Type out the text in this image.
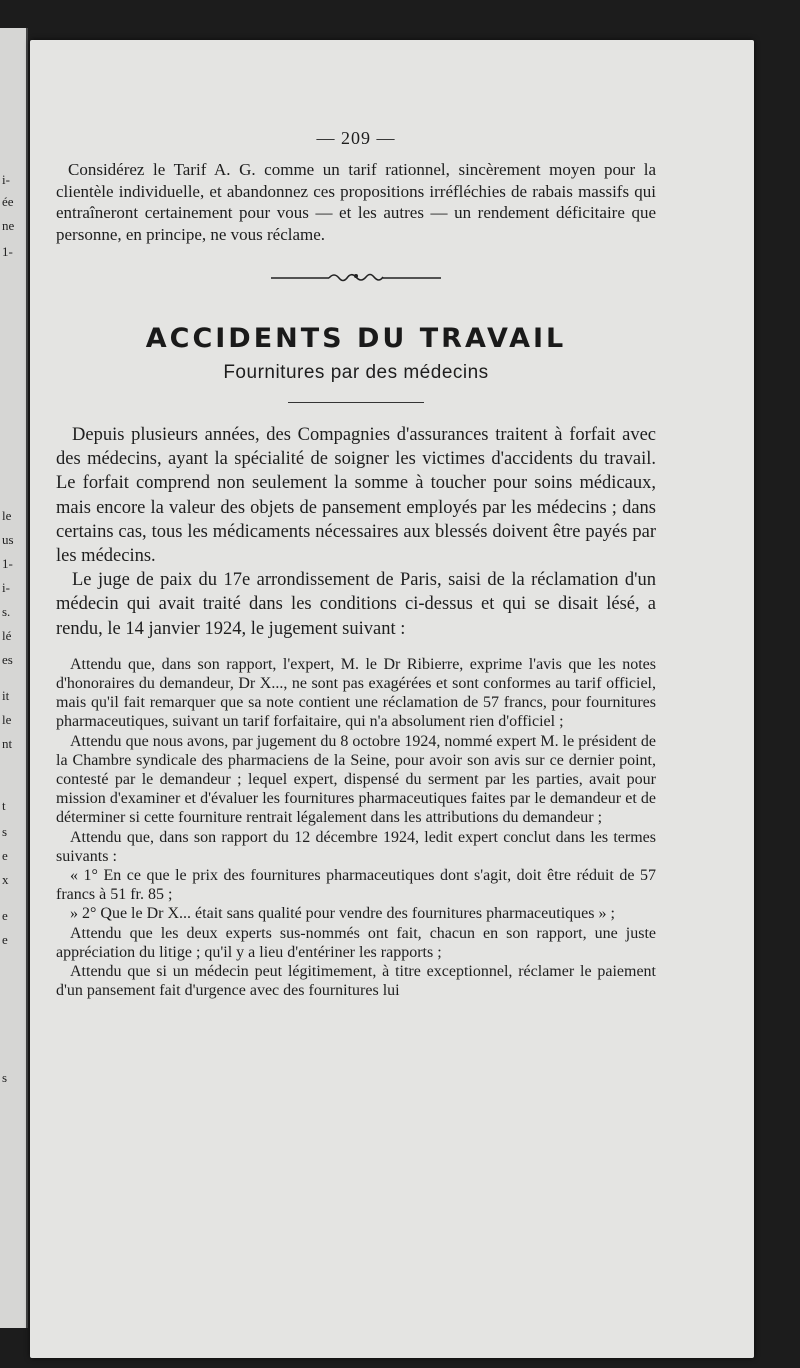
i-
ée
ne
1-
le
us
1-
i-
s.
lé
es
it
le
nt
t
s
e
x
e
e
s
— 209 —

Considérez le Tarif A. G. comme un tarif rationnel, sincèrement moyen pour la clientèle individuelle, et abandonnez ces propositions irréfléchies de rabais massifs qui entraîneront certainement pour vous — et les autres — un rendement déficitaire que personne, en principe, ne vous réclame.

ACCIDENTS DU TRAVAIL
Fournitures par des médecins

Depuis plusieurs années, des Compagnies d'assurances traitent à forfait avec des médecins, ayant la spécialité de soigner les victimes d'accidents du travail. Le forfait comprend non seulement la somme à toucher pour soins médicaux, mais encore la valeur des objets de pansement employés par les médecins ; dans certains cas, tous les médicaments nécessaires aux blessés doivent être payés par les médecins.

Le juge de paix du 17e arrondissement de Paris, saisi de la réclamation d'un médecin qui avait traité dans les conditions ci-dessus et qui se disait lésé, a rendu, le 14 janvier 1924, le jugement suivant :

Attendu que, dans son rapport, l'expert, M. le Dr Ribierre, exprime l'avis que les notes d'honoraires du demandeur, Dr X..., ne sont pas exagérées et sont conformes au tarif officiel, mais qu'il fait remarquer que sa note contient une réclamation de 57 francs, pour fournitures pharmaceutiques, suivant un tarif forfaitaire, qui n'a absolument rien d'officiel ;

Attendu que nous avons, par jugement du 8 octobre 1924, nommé expert M. le président de la Chambre syndicale des pharmaciens de la Seine, pour avoir son avis sur ce dernier point, contesté par le demandeur ; lequel expert, dispensé du serment par les parties, avait pour mission d'examiner et d'évaluer les fournitures pharmaceutiques faites par le demandeur et de déterminer si cette fourniture rentrait légalement dans les attributions du demandeur ;

Attendu que, dans son rapport du 12 décembre 1924, ledit expert conclut dans les termes suivants :

« 1° En ce que le prix des fournitures pharmaceutiques dont s'agit, doit être réduit de 57 francs à 51 fr. 85 ;

» 2° Que le Dr X... était sans qualité pour vendre des fournitures pharmaceutiques » ;

Attendu que les deux experts sus-nommés ont fait, chacun en son rapport, une juste appréciation du litige ; qu'il y a lieu d'entériner les rapports ;

Attendu que si un médecin peut légitimement, à titre exceptionnel, réclamer le paiement d'un pansement fait d'urgence avec des fournitures lui
